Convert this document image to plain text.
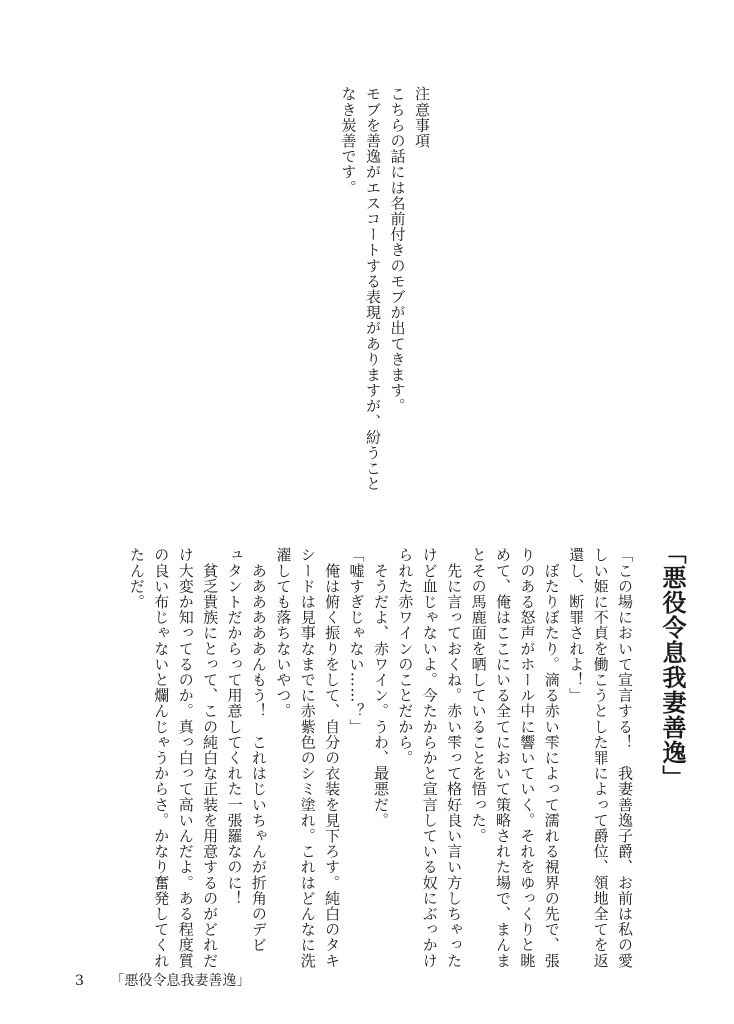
注意事項

こちらの話には名前付きのモブが出てきます。

モブを善逸がエスコートする表現がありますが、紛うこと

なき炭善です。

「悪役令息我妻善逸」

「この場において宣言する！　我妻善逸子爵、お前は私の愛

しい姫に不貞を働こうとした罪によって爵位、領地全てを返

還し、断罪されよ！」

　ぼたりぼたり。滴る赤い雫によって濡れる視界の先で、張

りのある怒声がホール中に響いていく。それをゆっくりと眺

めて、俺はここにいる全てにおいて策略された場で、まんま

とその馬鹿面を晒していることを悟った。

　先に言っておくね。赤い雫って格好良い言い方しちゃった

けど血じゃないよ。今たからかと宣言している奴にぶっかけ

られた赤ワインのことだから。

　そうだよ、赤ワイン。うわ、最悪だ。

「嘘すぎじゃない……？」

　俺は俯く振りをして、自分の衣装を見下ろす。純白のタキ

シードは見事なまでに赤紫色のシミ塗れ。これはどんなに洗

濯しても落ちないやつ。

　ああああああんもう！　これはじいちゃんが折角のデビ

ュタントだからって用意してくれた一張羅なのに！

　貧乏貴族にとって、この純白な正装を用意するのがどれだ

け大変か知ってるのか。真っ白って高いんだよ。ある程度質

の良い布じゃないと爛んじゃうからさ。かなり奮発してくれ

たんだ。

3 「悪役令息我妻善逸」
